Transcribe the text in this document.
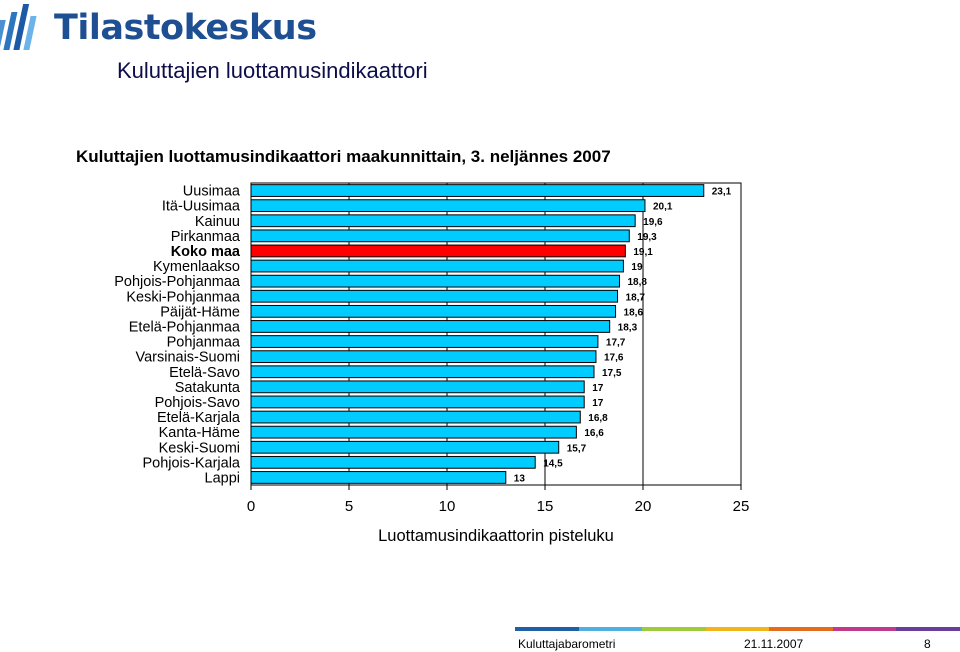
Tilastokeskus
Kuluttajien luottamusindikaattori
Kuluttajien luottamusindikaattori maakunnittain, 3. neljännes 2007
0	5	10	15	20	25
Uusimaa	23,1
Itä-Uusimaa	20,1
Kainuu	19,6
Pirkanmaa	19,3
Koko maa	19,1
Kymenlaakso	19
Pohjois-Pohjanmaa	18,8
Keski-Pohjanmaa	18,7
Päijät-Häme	18,6
Etelä-Pohjanmaa	18,3
Pohjanmaa	17,7
Varsinais-Suomi	17,6
Etelä-Savo	17,5
Satakunta	17
Pohjois-Savo	17
Etelä-Karjala	16,8
Kanta-Häme	16,6
Keski-Suomi	15,7
Pohjois-Karjala	14,5
Lappi	13
Luottamusindikaattorin pisteluku
Kuluttajabarometri	21.11.2007	8
